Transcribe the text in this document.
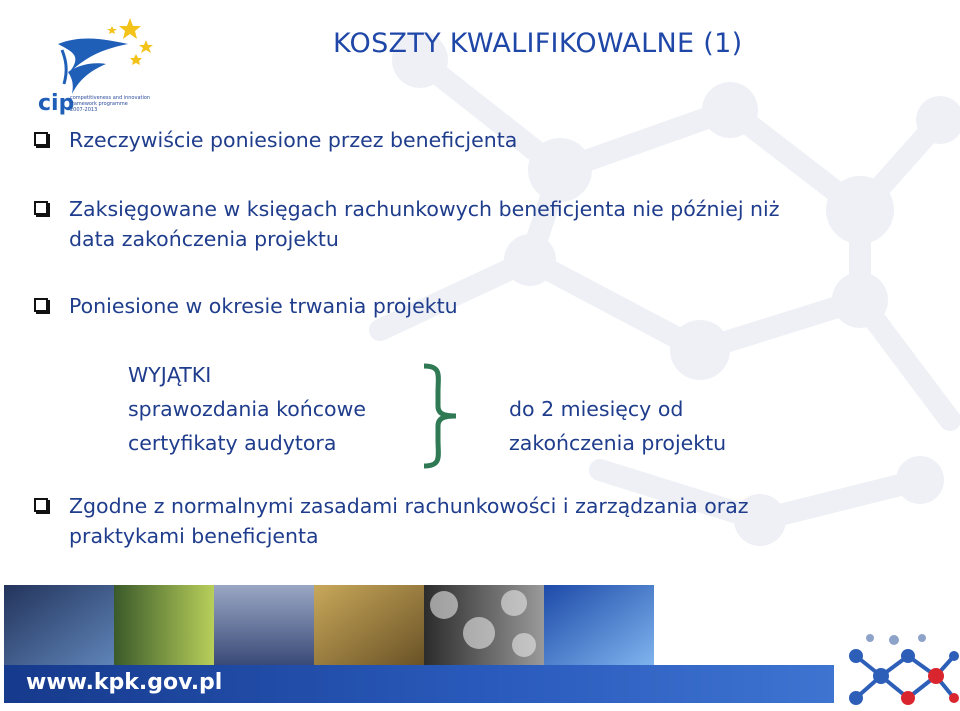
cip
competitiveness and innovation
framework programme
2007-2013
KOSZTY KWALIFIKOWALNE (1)
Rzeczywiście poniesione przez beneficjenta
Zaksięgowane w księgach rachunkowych beneficjenta nie później niż
data zakończenia projektu
Poniesione w okresie trwania projektu
WYJĄTKI
sprawozdania końcowe
certyfikaty audytora
do 2 miesięcy od
zakończenia projektu
Zgodne z normalnymi zasadami rachunkowości i zarządzania oraz
praktykami beneficjenta
www.kpk.gov.pl
